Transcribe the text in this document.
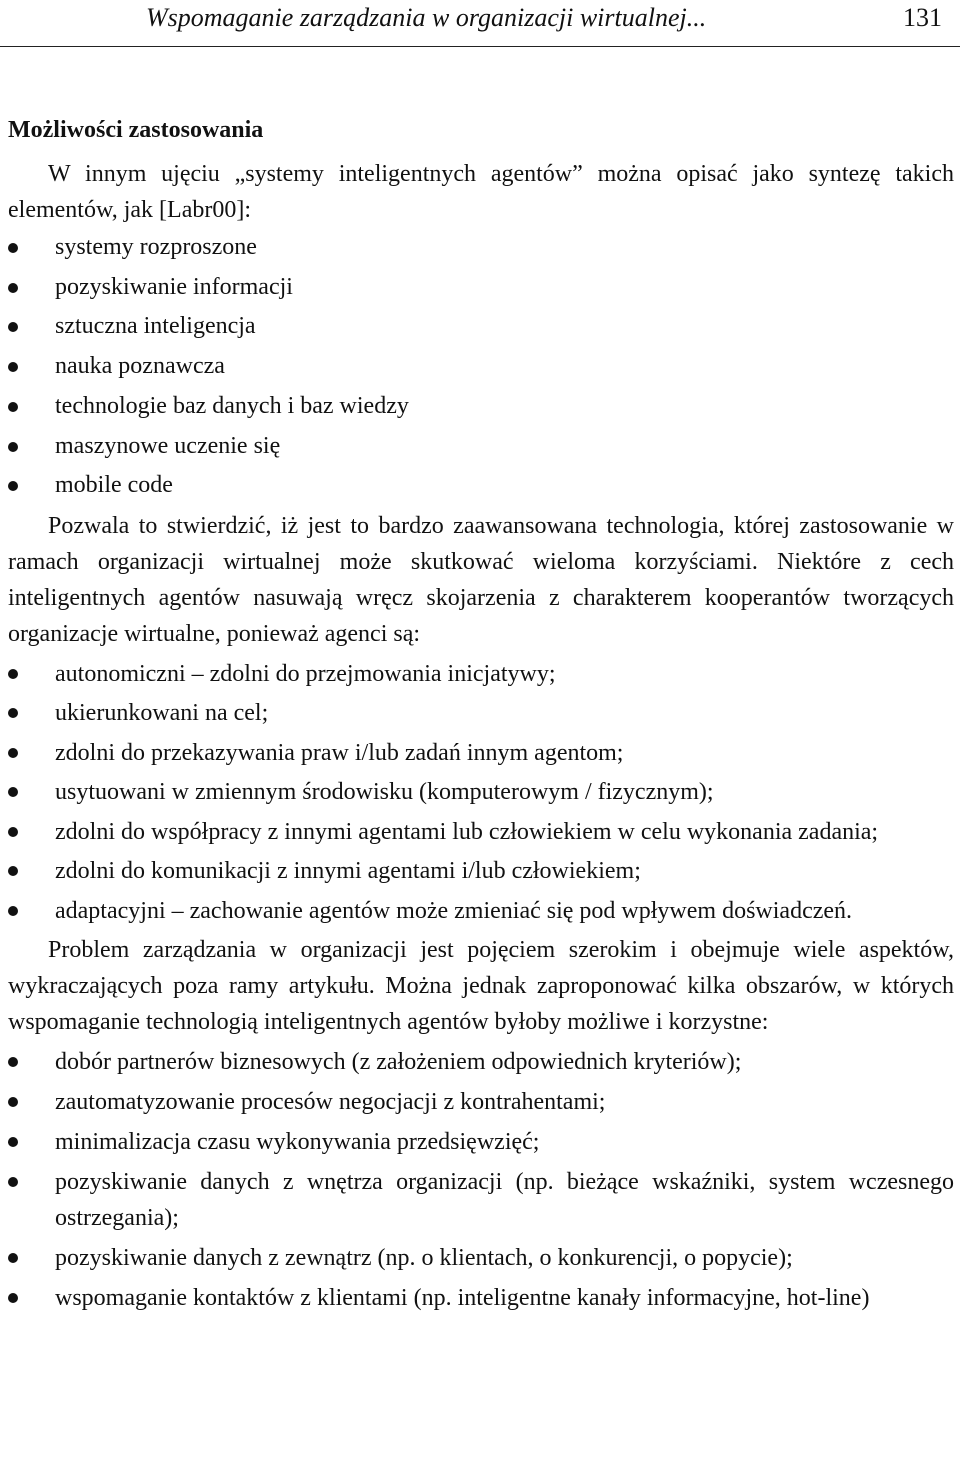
Wspomaganie zarządzania w organizacji wirtualnej...	131
Możliwości zastosowania

W innym ujęciu „systemy inteligentnych agentów” można opisać jako syntezę takich elementów, jak [Labr00]:

systemy rozproszone
pozyskiwanie informacji
sztuczna inteligencja
nauka poznawcza
technologie baz danych i baz wiedzy
maszynowe uczenie się
mobile code

Pozwala to stwierdzić, iż jest to bardzo zaawansowana technologia, której zastosowanie w ramach organizacji wirtualnej może skutkować wieloma korzyściami. Niektóre z cech inteligentnych agentów nasuwają wręcz skojarzenia z charakterem kooperantów tworzących organizacje wirtualne, ponieważ agenci są:

autonomiczni – zdolni do przejmowania inicjatywy;
ukierunkowani na cel;
zdolni do przekazywania praw i/lub zadań innym agentom;
usytuowani w zmiennym środowisku (komputerowym / fizycznym);
zdolni do współpracy z innymi agentami lub człowiekiem w celu wykonania zadania;
zdolni do komunikacji z innymi agentami i/lub człowiekiem;
adaptacyjni – zachowanie agentów może zmieniać się pod wpływem doświadczeń.

Problem zarządzania w organizacji jest pojęciem szerokim i obejmuje wiele aspektów, wykraczających poza ramy artykułu. Można jednak zaproponować kilka obszarów, w których wspomaganie technologią inteligentnych agentów byłoby możliwe i korzystne:

dobór partnerów biznesowych (z założeniem odpowiednich kryteriów);
zautomatyzowanie procesów negocjacji z kontrahentami;
minimalizacja czasu wykonywania przedsięwzięć;
pozyskiwanie danych z wnętrza organizacji (np. bieżące wskaźniki, system wczesnego ostrzegania);
pozyskiwanie danych z zewnątrz (np. o klientach, o konkurencji, o popycie);
wspomaganie kontaktów z klientami (np. inteligentne kanały informacyjne, hot-line)
